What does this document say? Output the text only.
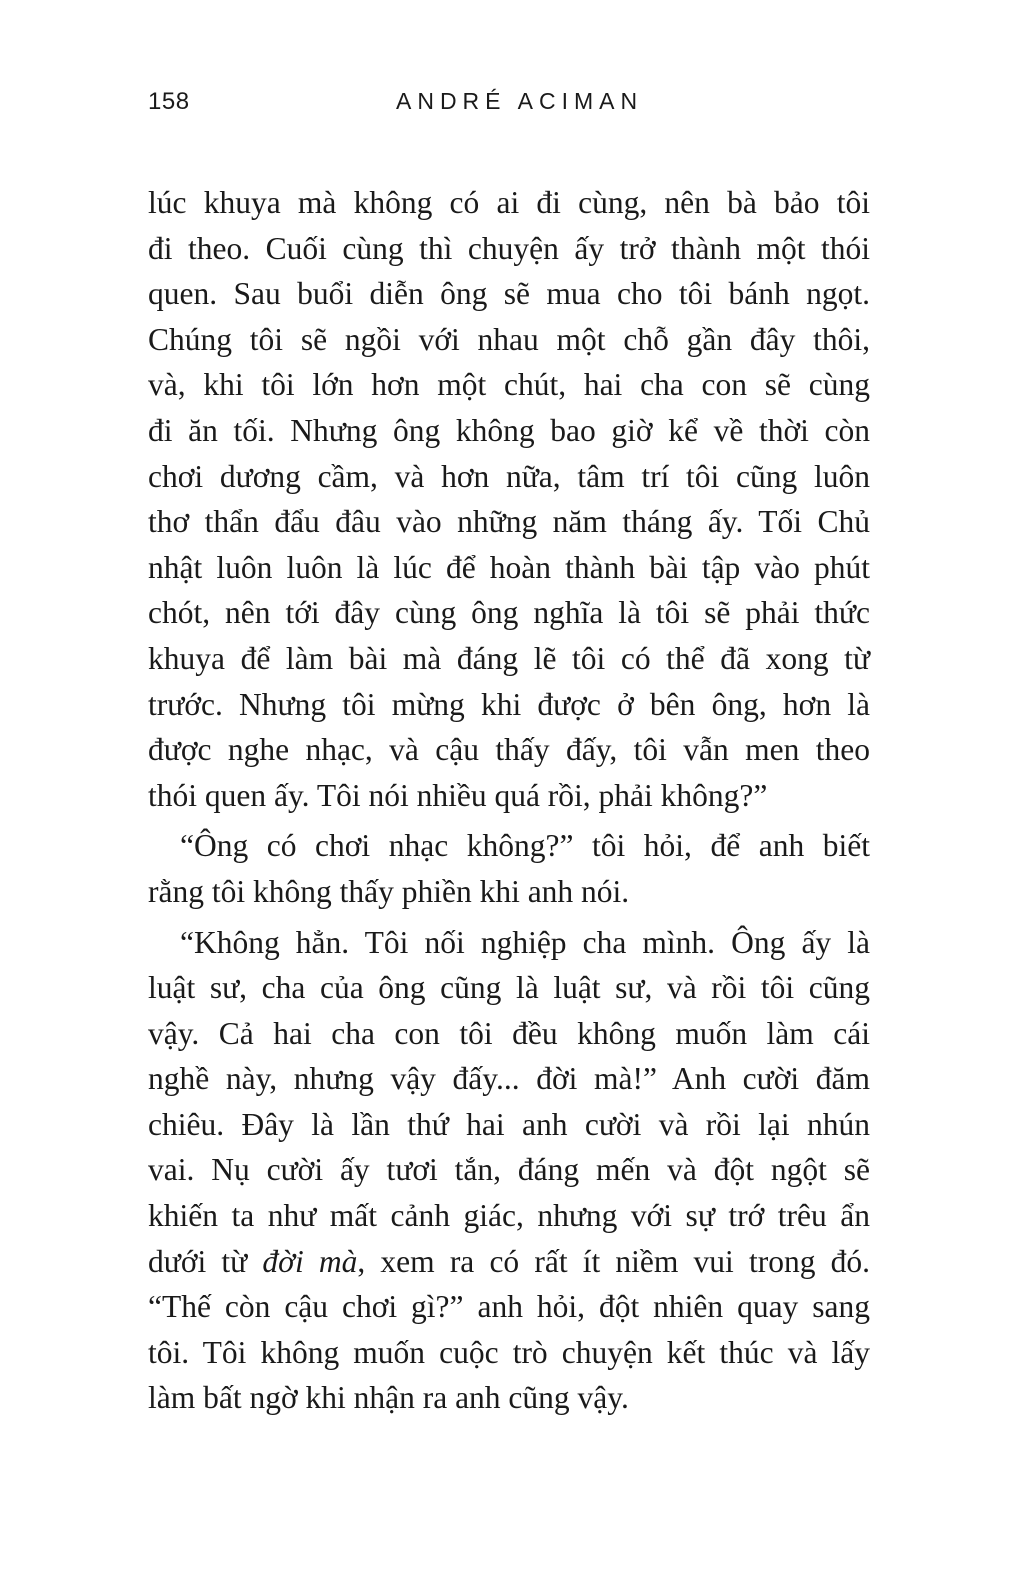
158	ANDRÉ ACIMAN
lúc khuya mà không có ai đi cùng, nên bà bảo tôi
đi theo. Cuối cùng thì chuyện ấy trở thành một thói
quen. Sau buổi diễn ông sẽ mua cho tôi bánh ngọt.
Chúng tôi sẽ ngồi với nhau một chỗ gần đây thôi,
và, khi tôi lớn hơn một chút, hai cha con sẽ cùng
đi ăn tối. Nhưng ông không bao giờ kể về thời còn
chơi dương cầm, và hơn nữa, tâm trí tôi cũng luôn
thơ thẩn đẩu đâu vào những năm tháng ấy. Tối Chủ
nhật luôn luôn là lúc để hoàn thành bài tập vào phút
chót, nên tới đây cùng ông nghĩa là tôi sẽ phải thức
khuya để làm bài mà đáng lẽ tôi có thể đã xong từ
trước. Nhưng tôi mừng khi được ở bên ông, hơn là
được nghe nhạc, và cậu thấy đấy, tôi vẫn men theo
thói quen ấy. Tôi nói nhiều quá rồi, phải không?”
“Ông có chơi nhạc không?” tôi hỏi, để anh biết
rằng tôi không thấy phiền khi anh nói.
“Không hẳn. Tôi nối nghiệp cha mình. Ông ấy là
luật sư, cha của ông cũng là luật sư, và rồi tôi cũng
vậy. Cả hai cha con tôi đều không muốn làm cái
nghề này, nhưng vậy đấy... đời mà!” Anh cười đăm
chiêu. Đây là lần thứ hai anh cười và rồi lại nhún
vai. Nụ cười ấy tươi tắn, đáng mến và đột ngột sẽ
khiến ta như mất cảnh giác, nhưng với sự trớ trêu ẩn
dưới từ đời mà, xem ra có rất ít niềm vui trong đó.
“Thế còn cậu chơi gì?” anh hỏi, đột nhiên quay sang
tôi. Tôi không muốn cuộc trò chuyện kết thúc và lấy
làm bất ngờ khi nhận ra anh cũng vậy.
